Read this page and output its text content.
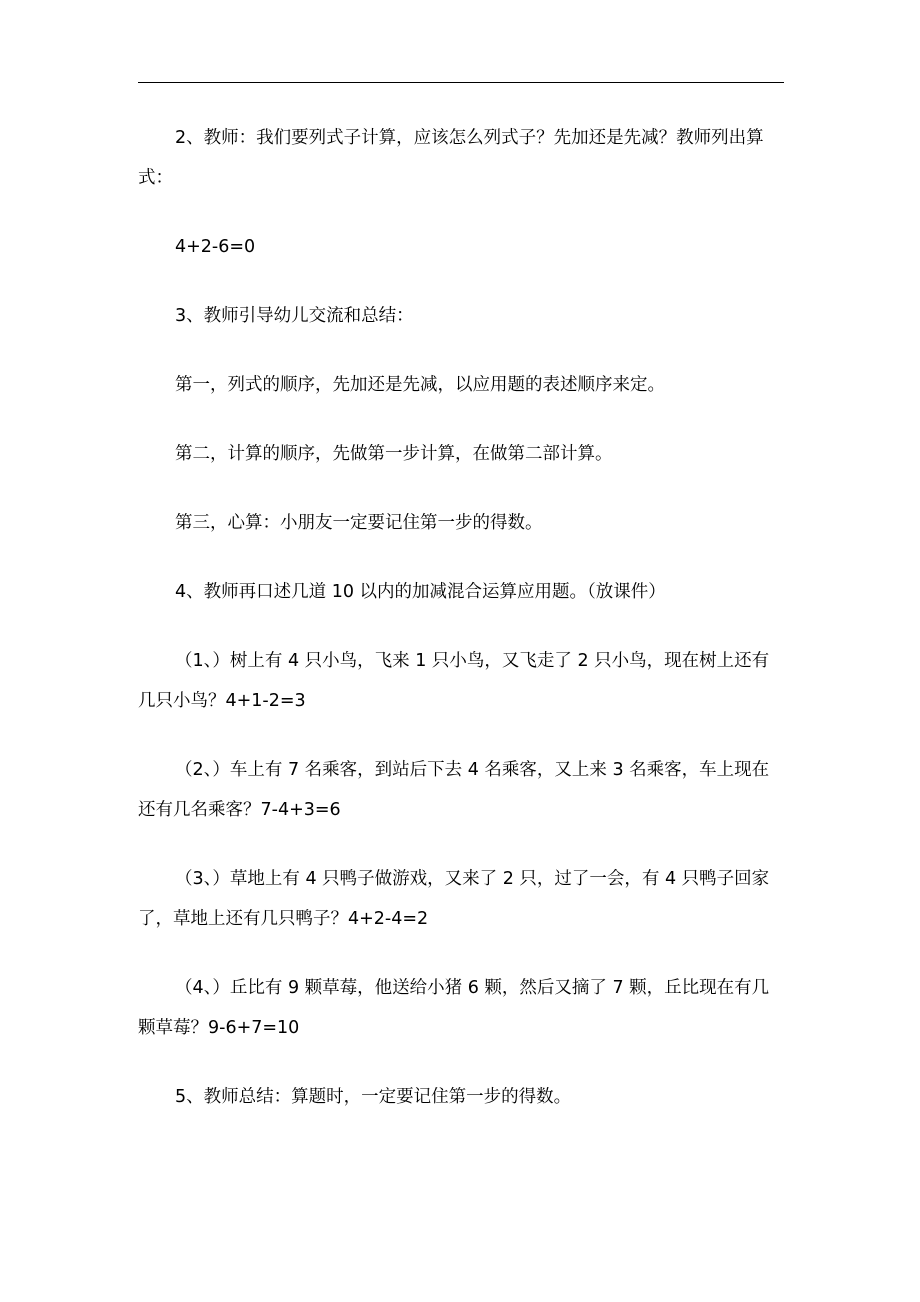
2、教师：我们要列式子计算，应该怎么列式子？先加还是先减？教师列出算式：

4+2-6=0

3、教师引导幼儿交流和总结：

第一，列式的顺序，先加还是先减，以应用题的表述顺序来定。

第二，计算的顺序，先做第一步计算，在做第二部计算。

第三，心算：小朋友一定要记住第一步的得数。

4、教师再口述几道 10 以内的加减混合运算应用题。（放课件）

（1、）树上有 4 只小鸟，飞来 1 只小鸟，又飞走了 2 只小鸟，现在树上还有几只小鸟？4+1-2=3

（2、）车上有 7 名乘客，到站后下去 4 名乘客，又上来 3 名乘客，车上现在还有几名乘客？7-4+3=6

（3、）草地上有 4 只鸭子做游戏，又来了 2 只，过了一会，有 4 只鸭子回家了，草地上还有几只鸭子？4+2-4=2

（4、）丘比有 9 颗草莓，他送给小猪 6 颗，然后又摘了 7 颗，丘比现在有几颗草莓？9-6+7=10

5、教师总结：算题时，一定要记住第一步的得数。
